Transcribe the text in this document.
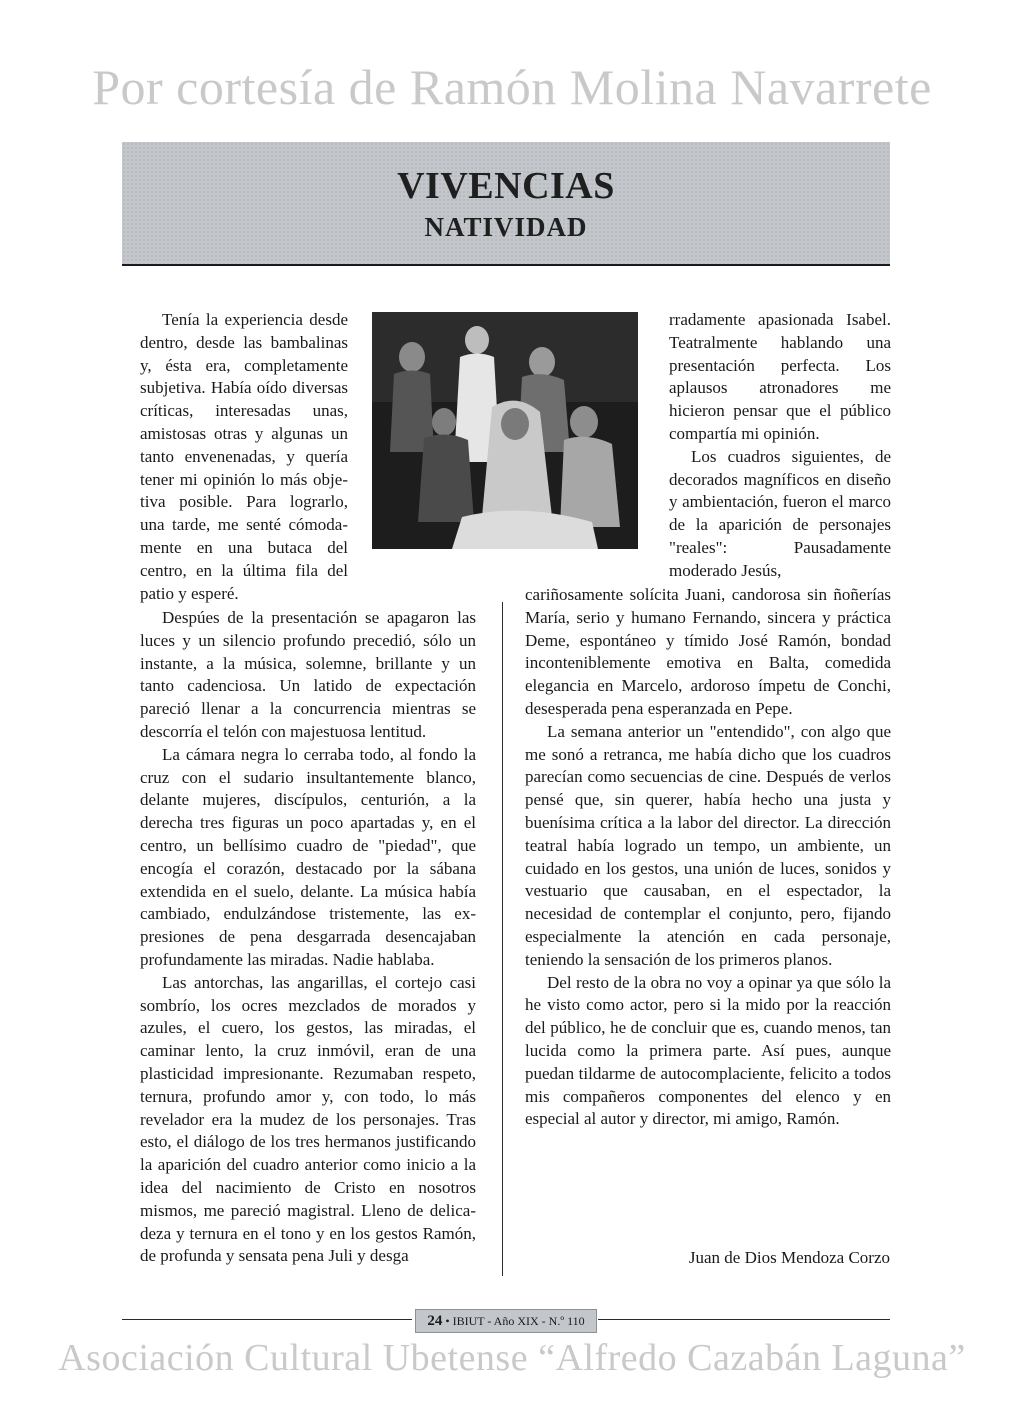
Por cortesía de Ramón Molina Navarrete
VIVENCIAS
NATIVIDAD

Tenía la experiencia desde dentro, desde las bambalinas y, ésta era, completamente subjetiva. Había oído diversas críticas, interesadas unas, amistosas otras y algunas un tanto envenenadas, y quería tener mi opinión lo más objetiva posible. Para lograrlo, una tarde, me senté cómodamente en una butaca del centro, en la última fila del patio y esperé.

Despúes de la presentación se apagaron las luces y un silencio profundo precedió, sólo un instante, a la música, solemne, brillante y un tanto cadenciosa. Un latido de expectación pareció llenar a la concurrencia mientras se descorría el telón con majestuosa lentitud.

La cámara negra lo cerraba todo, al fondo la cruz con el sudario insultantemente blanco, delante mujeres, discípulos, centurión, a la derecha tres figuras un poco apartadas y, en el centro, un bellísimo cuadro de "piedad", que encogía el corazón, destacado por la sábana extendida en el suelo, delante. La música había cambiado, endulzándose tristemente, las expresiones de pena desgarrada desencajaban profundamente las miradas. Nadie hablaba.

Las antorchas, las angarillas, el cortejo casi sombrío, los ocres mezclados de morados y azules, el cuero, los gestos, las miradas, el caminar lento, la cruz inmóvil, eran de una plasticidad impresionante. Rezumaban respeto, ternura, profundo amor y, con todo, lo más revelador era la mudez de los personajes. Tras esto, el diálogo de los tres hermanos justificando la aparición del cuadro anterior como inicio a la idea del nacimiento de Cristo en nosotros mismos, me pareció magistral. Lleno de delicadeza y ternura en el tono y en los gestos Ramón, de profunda y sensata pena Juli y desga

rradamente apasionada Isabel. Teatralmente hablando una presentación perfecta. Los aplausos atronadores me hicieron pensar que el público compartía mi opinión.

Los cuadros siguientes, de decorados magníficos en diseño y ambientación, fueron el marco de la aparición de personajes "reales": Pausadamente moderado Jesús,

cariñosamente solícita Juani, candorosa sin ñoñerías María, serio y humano Fernando, sincera y práctica Deme, espontáneo y tímido José Ramón, bondad inconteniblemente emotiva en Balta, comedida elegancia en Marcelo, ardoroso ímpetu de Conchi, desesperada pena esperanzada en Pepe.

La semana anterior un "entendido", con algo que me sonó a retranca, me había dicho que los cuadros parecían como secuencias de cine. Después de verlos pensé que, sin querer, había hecho una justa y buenísima crítica a la labor del director. La dirección teatral había logrado un tempo, un ambiente, un cuidado en los gestos, una unión de luces, sonidos y vestuario que causaban, en el espectador, la necesidad de contemplar el conjunto, pero, fijando especialmente la atención en cada personaje, teniendo la sensación de los primeros planos.

Del resto de la obra no voy a opinar ya que sólo la he visto como actor, pero si la mido por la reacción del público, he de concluir que es, cuando menos, tan lucida como la primera parte. Así pues, aunque puedan tildarme de autocomplaciente, felicito a todos mis compañeros componentes del elenco y en especial al autor y director, mi amigo, Ramón.

Juan de Dios Mendoza Corzo
24 • IBIUT - Año XIX - N.º 110
Asociación Cultural Ubetense “Alfredo Cazabán Laguna”
